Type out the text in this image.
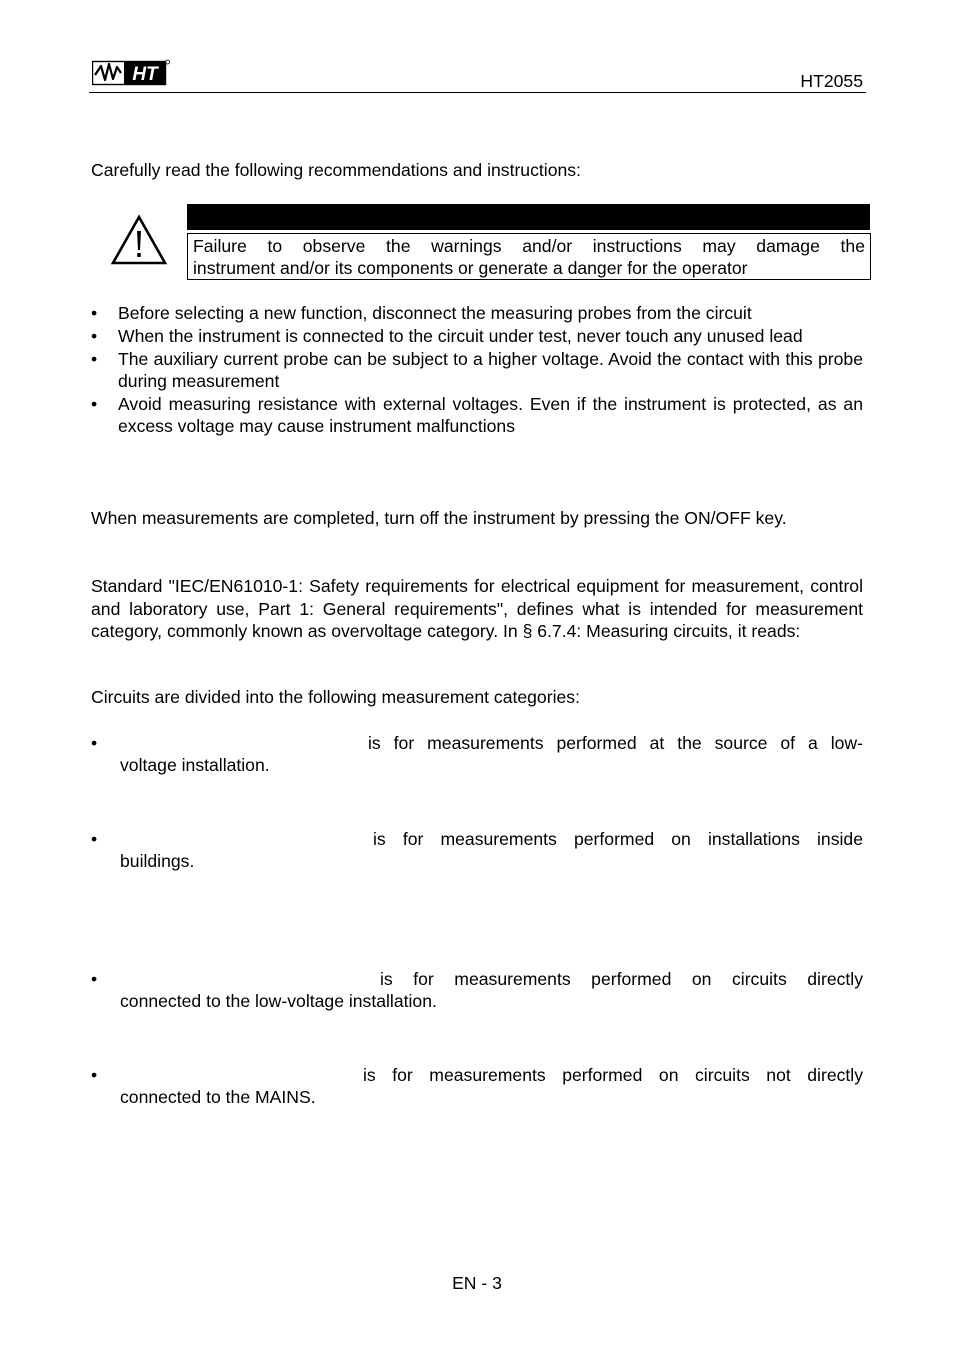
HT	HT2055
Carefully read the following recommendations and instructions:
Failure to observe the warnings and/or instructions may damage the
instrument and/or its components or generate a danger for the operator
• Before selecting a new function, disconnect the measuring probes from the circuit
• When the instrument is connected to the circuit under test, never touch any unused lead
• The auxiliary current probe can be subject to a higher voltage. Avoid the contact with this probe during measurement
• Avoid measuring resistance with external voltages. Even if the instrument is protected, as an excess voltage may cause instrument malfunctions
When measurements are completed, turn off the instrument by pressing the ON/OFF key.
Standard "IEC/EN61010-1: Safety requirements for electrical equipment for measurement, control and laboratory use, Part 1: General requirements", defines what is intended for measurement category, commonly known as overvoltage category. In § 6.7.4: Measuring circuits, it reads:
Circuits are divided into the following measurement categories:
•	is for measurements performed at the source of a low-
voltage installation.
•	is for measurements performed on installations inside
buildings.
•	is for measurements performed on circuits directly
connected to the low-voltage installation.
•	is for measurements performed on circuits not directly
connected to the MAINS.
EN - 3
